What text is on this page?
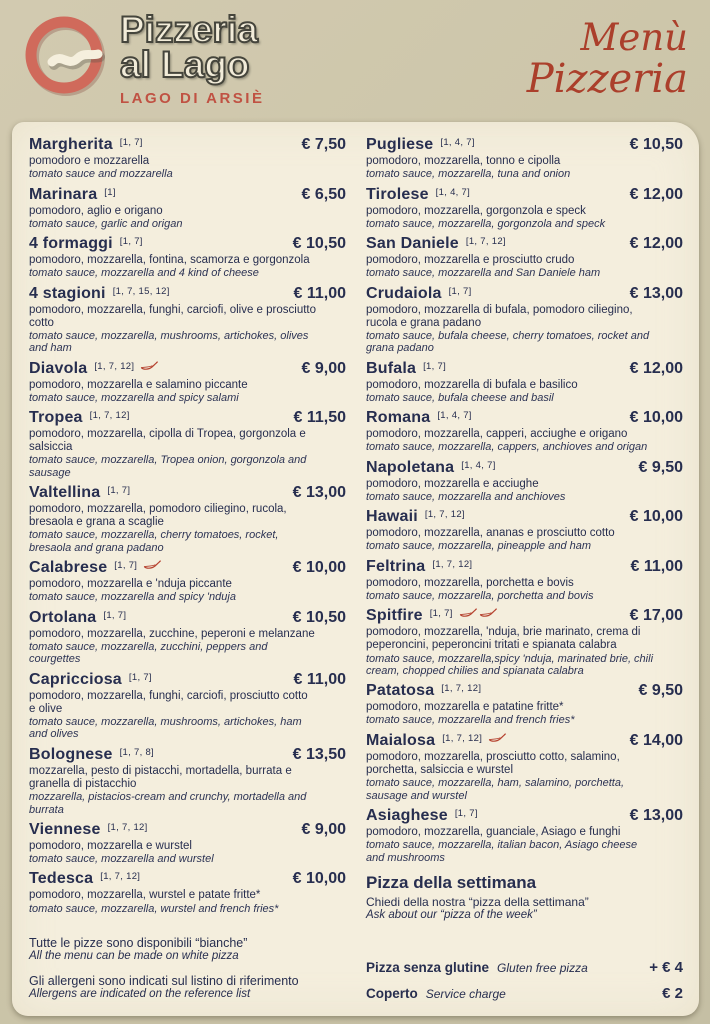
Pizzeria
al Lago
LAGO DI ARSIÈ
Menù
Pizzeria
Margherita [1, 7]	€ 7,50
pomodoro e mozzarella
tomato sauce and mozzarella
Marinara [1]	€ 6,50
pomodoro, aglio e origano
tomato sauce, garlic and origan
4 formaggi [1, 7]	€ 10,50
pomodoro, mozzarella, fontina, scamorza e gorgonzola
tomato sauce, mozzarella and 4 kind of cheese
4 stagioni [1, 7, 15, 12]	€ 11,00
pomodoro, mozzarella, funghi, carciofi, olive e prosciutto cotto
tomato sauce, mozzarella, mushrooms, artichokes, olives and ham
Diavola [1, 7, 12]	€ 9,00
pomodoro, mozzarella e salamino piccante
tomato sauce, mozzarella and spicy salami
Tropea [1, 7, 12]	€ 11,50
pomodoro, mozzarella, cipolla di Tropea, gorgonzola e salsiccia
tomato sauce, mozzarella, Tropea onion, gorgonzola and sausage
Valtellina [1, 7]	€ 13,00
pomodoro, mozzarella, pomodoro ciliegino, rucola, bresaola e grana a scaglie
tomato sauce, mozzarella, cherry tomatoes, rocket, bresaola and grana padano
Calabrese [1, 7]	€ 10,00
pomodoro, mozzarella e 'nduja piccante
tomato sauce, mozzarella and spicy 'nduja
Ortolana [1, 7]	€ 10,50
pomodoro, mozzarella, zucchine, peperoni e melanzane
tomato sauce, mozzarella, zucchini, peppers and courgettes
Capricciosa [1, 7]	€ 11,00
pomodoro, mozzarella, funghi, carciofi, prosciutto cotto e olive
tomato sauce, mozzarella, mushrooms, artichokes, ham and olives
Bolognese [1, 7, 8]	€ 13,50
mozzarella, pesto di pistacchi, mortadella, burrata e granella di pistacchio
mozzarella, pistacios-cream and crunchy, mortadella and burrata
Viennese [1, 7, 12]	€ 9,00
pomodoro, mozzarella e wurstel
tomato sauce, mozzarella and wurstel
Tedesca [1, 7, 12]	€ 10,00
pomodoro, mozzarella, wurstel e patate fritte*
tomato sauce, mozzarella, wurstel and french fries*
Tutte le pizze sono disponibili “bianche”
All the menu can be made on white pizza
Gli allergeni sono indicati sul listino di riferimento
Allergens are indicated on the reference list
Pugliese [1, 4, 7]	€ 10,50
pomodoro, mozzarella, tonno e cipolla
tomato sauce, mozzarella, tuna and onion
Tirolese [1, 4, 7]	€ 12,00
pomodoro, mozzarella, gorgonzola e speck
tomato sauce, mozzarella, gorgonzola and speck
San Daniele [1, 7, 12]	€ 12,00
pomodoro, mozzarella e prosciutto crudo
tomato sauce, mozzarella and San Daniele ham
Crudaiola [1, 7]	€ 13,00
pomodoro, mozzarella di bufala, pomodoro ciliegino, rucola e grana padano
tomato sauce, bufala cheese, cherry tomatoes, rocket and grana padano
Bufala [1, 7]	€ 12,00
pomodoro, mozzarella di bufala e basilico
tomato sauce, bufala cheese and basil
Romana [1, 4, 7]	€ 10,00
pomodoro, mozzarella, capperi, acciughe e origano
tomato sauce, mozzarella, cappers, anchioves and origan
Napoletana [1, 4, 7]	€ 9,50
pomodoro, mozzarella e acciughe
tomato sauce, mozzarella and anchioves
Hawaii [1, 7, 12]	€ 10,00
pomodoro, mozzarella, ananas e prosciutto cotto
tomato sauce, mozzarella, pineapple and ham
Feltrina [1, 7, 12]	€ 11,00
pomodoro, mozzarella, porchetta e bovis
tomato sauce, mozzarella, porchetta and bovis
Spitfire [1, 7]	€ 17,00
pomodoro, mozzarella, 'nduja, brie marinato, crema di peperoncini, peperoncini tritati e spianata calabra
tomato sauce, mozzarella,spicy 'nduja, marinated brie, chili cream, chopped chilies and spianata calabra
Patatosa [1, 7, 12]	€ 9,50
pomodoro, mozzarella e patatine fritte*
tomato sauce, mozzarella and french fries*
Maialosa [1, 7, 12]	€ 14,00
pomodoro, mozzarella, prosciutto cotto, salamino, porchetta, salsiccia e wurstel
tomato sauce, mozzarella, ham, salamino, porchetta, sausage and wurstel
Asiaghese [1, 7]	€ 13,00
pomodoro, mozzarella, guanciale, Asiago e funghi
tomato sauce, mozzarella, italian bacon, Asiago cheese and mushrooms
Pizza della settimana
Chiedi della nostra “pizza della settimana”
Ask about our “pizza of the week”
Pizza senza glutine Gluten free pizza	+ € 4
Coperto Service charge	€ 2
